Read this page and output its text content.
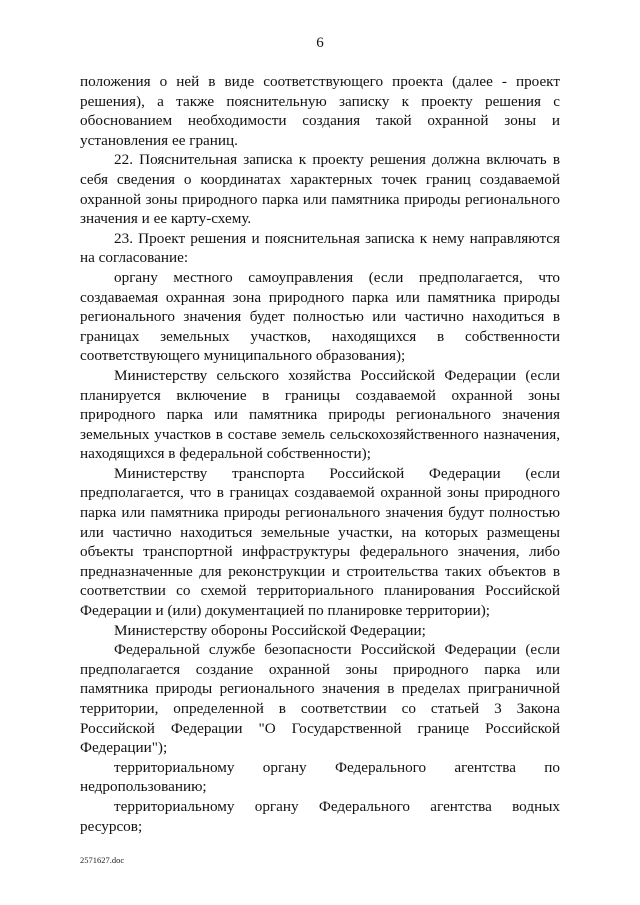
6

положения о ней в виде соответствующего проекта (далее - проект решения), а также пояснительную записку к проекту решения с обоснованием необходимости создания такой охранной зоны и установления ее границ.

22. Пояснительная записка к проекту решения должна включать в себя сведения о координатах характерных точек границ создаваемой охранной зоны природного парка или памятника природы регионального значения и ее карту-схему.

23. Проект решения и пояснительная записка к нему направляются на согласование:

органу местного самоуправления (если предполагается, что создаваемая охранная зона природного парка или памятника природы регионального значения будет полностью или частично находиться в границах земельных участков, находящихся в собственности соответствующего муниципального образования);

Министерству сельского хозяйства Российской Федерации (если планируется включение в границы создаваемой охранной зоны природного парка или памятника природы регионального значения земельных участков в составе земель сельскохозяйственного назначения, находящихся в федеральной собственности);

Министерству транспорта Российской Федерации (если предполагается, что в границах создаваемой охранной зоны природного парка или памятника природы регионального значения будут полностью или частично находиться земельные участки, на которых размещены объекты транспортной инфраструктуры федерального значения, либо предназначенные для реконструкции и строительства таких объектов в соответствии со схемой территориального планирования Российской Федерации и (или) документацией по планировке территории);

Министерству обороны Российской Федерации;

Федеральной службе безопасности Российской Федерации (если предполагается создание охранной зоны природного парка или памятника природы регионального значения в пределах приграничной территории, определенной в соответствии со статьей 3 Закона Российской Федерации "О Государственной границе Российской Федерации");

территориальному органу Федерального агентства по недропользованию;

территориальному органу Федерального агентства водных ресурсов;

2571627.doc
